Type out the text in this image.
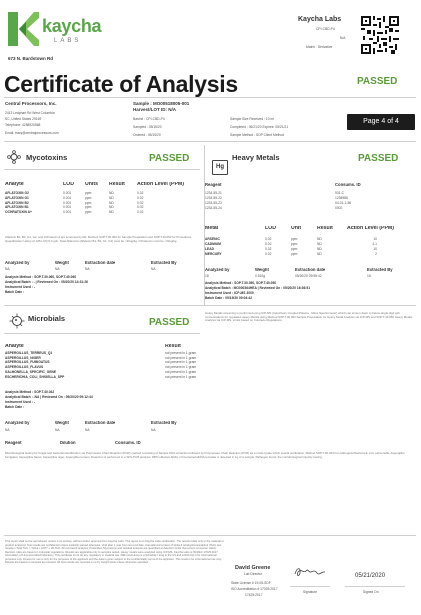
kaycha
LABS
673 N. Bardstown Rd
Kaycha Labs
CPI-CBD-P4
N/A
Matrix : Derivative
Certificate of Analysis	PASSED
Central Processors, Inc.
2413 Leaphart Rd West Columbia
SC, United States 29169
Telephone: 4258920568
Email: tracy@centralprocessors.com
Sample : MO00518005-001
Harvest/LOT ID: N/A
Batch# : CPI-CBD-P4
Sampled : 05/15/20
Ordered : 05/15/20
Sample Size Received : 10 ml
Completed : 05/21/20 Expires: 05/21/21
Sample Method : SOP Client Method
Page 4 of 4
Mycotoxins	PASSED
Analyte	LOD	Units	Result	Action Level (PPM)
AFLATOXIN G2	0.001	ppm	ND	0.02
AFLATOXIN G1	0.001	ppm	ND	0.02
AFLATOXIN B2	0.001	ppm	ND	0.02
AFLATOXIN B1	0.001	ppm	ND	0.02
OCHRATOXIN A+	0.001	ppm	ND	0.02
Analyzed by	Weight	Extraction date	Extracted By
NA	NA	NA	NA
Analysis Method : SOP.T.30.060, SOP.T.40.060
Analytical Batch : - | Reviewed On : 05/20/20 14:31:26
Instrument Used : -
Batch Date :
Aflatoxin B1, B2, G1, G2, and Ochratoxin A are screened by Ms. Method: SOP.T.30.060 for Sample Preparation and SOP.T.40.060 for Procedures Quantification Using LC-MS LOQ 5.0 ppb. Total Aflatoxins (Aflatoxin B1, B2, G1, G2) must be <20ug/kg. Ochratoxin must be <20ug/kg.
Hg
Heavy Metals	PASSED
Reagent	Consums. ID
1234-55-21	931-C
1234-55-22	1238986
1234-55-23	04-01-1-56
1234-55-24	0002
Metal	LOD	Unit	Result	Action Level (PPM)
ARSENIC	0.02	ppm	ND	10
CADMIUM	0.02	ppm	ND	4.1
LEAD	0.02	ppm	ND	10
MERCURY	0.02	ppm	ND	2
Analyzed by	Weight	Extraction date	Extracted By
18	0.510g	05/20/20 09:55:42	18
Analysis Method : SOP.T.30.050, SOP.T.40.050
Analytical Batch : MO000364HEA | Reviewed On : 05/20/20 16:36:51
Instrument Used : ICP-MS 3000
Batch Date : 05/19/20 09:04:42
Heavy Metals screening is performed using ICP-MS (Inductively Coupled Plasma - Mass Spectrometer) which can screen down to below single digit ppb concentrations for regulated Heavy Metals using Method SOP.T.30.052 Sample Preparation for Heavy Metal Analysis via ICP-MS and SOP.T.40.050 Heavy Metals Analysis via ICP-MS. Limits based on Colorado Regulations.
Microbials	PASSED
Analyte	Result
ASPERGILLUS_TERREUS_Q1	not present in 1 gram
ASPERGILLUS_NIGER	not present in 1 gram
ASPERGILLUS_FUMIGATUS	not present in 1 gram
ASPERGILLUS_FLAVUS	not present in 1 gram
SALMONELLA_SPECIFIC_GENE	not present in 1 gram
ESCHERICHIA_COLI_SHIGELLA_SPP	not present in 1 gram
Analysis Method : SOP.T.40.042
Analytical Batch : -NA | Reviewed On : 05/20/20 09:12:44
Instrument Used : -
Batch Date :
Analyzed by	Weight	Extraction date	Extracted By
NA	NA	NA	NA
Reagent	Dilution	Consums. ID
Microbiological testing for fungal and bacterial identification via Polymerase Chain Reaction (PCR) method consisting of Sample DNA extraction followed by Polymerase Chain Reaction (PCR) as a crude lysate which avoids purification. Method SOP.T.40.043 For pathogenic/bacteria E. coli, salmonella, Aspergillus fumigatus, Aspergillus flavus, Aspergillus niger, Aspergillus terreus. Detection is performed in a SFS-PCR analysis. MPD effective Ability of low bacteria/DNA template is detected in 1g of a sample. Pathogen found; the microbiological impurity testing.
This report shall not be reproduced, unless in its entirety, without written approval from Kaycha Labs. This report is an Kaycha Labs certification. The results relate only to the material or product analyzed. Test results are confidential unless explicitly waived otherwise. Void after 1 year from test end date. Cannabinoid content of Delta-9 tetrahydrocannabinol (THC) test results is Total THC = THCa x 0.877 + d9-THC. All recovered analytes, Pesticides, Mycotoxins and residual solvents are quantified at detection limits that ensure consumer safety. Decision rules are based on Colorado regulations. Results are applicable only to samples tested. Heavy metals were analyzed using ICP-MS. Kaycha Labs is ISO/IEC 17025:2017 Accredited; a PJLA accredited laboratory. This certificate is not for any regulatory or medical use. MMJ and Hemp is a Schedule I drug in the US and LOD/LOQ is for informational purposes only. Fitness for use is only for the purposes of the applicant and the data is given subject to the confidentiality terms of the applicant. This result is for informational use only. Results are based on samples as received. All CoA results are reported on a dry weight basis unless otherwise specified.
David Greene
Lab Director
State License # 19-05-SDF
ISO Accreditation # 17025:2017
17425:2017
Signature
05/21/2020
Signed On
